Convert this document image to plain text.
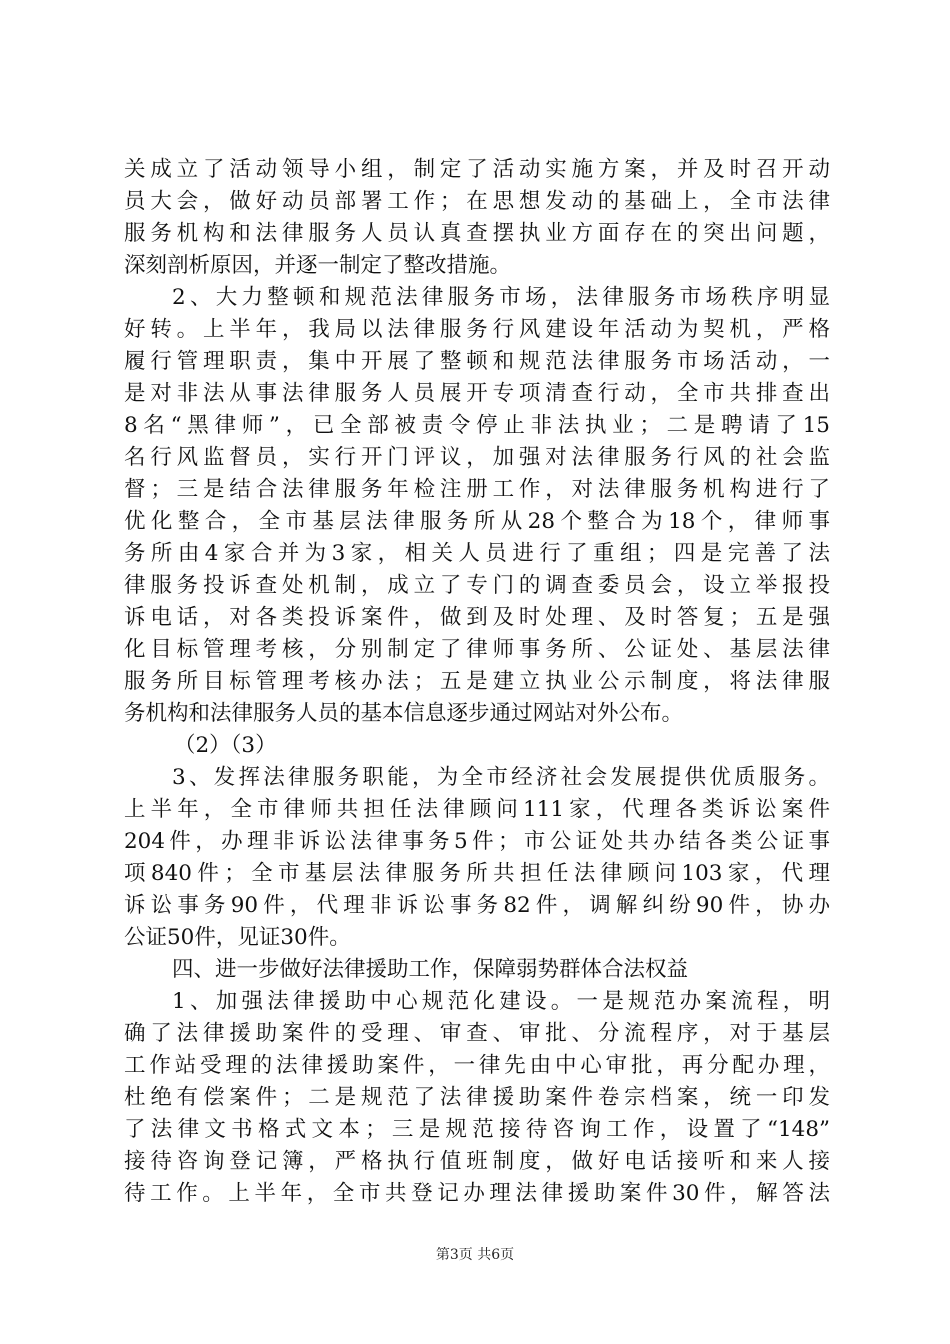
关成立了活动领导小组，制定了活动实施方案，并及时召开动
员大会，做好动员部署工作；在思想发动的基础上，全市法律
服务机构和法律服务人员认真查摆执业方面存在的突出问题，
深刻剖析原因，并逐一制定了整改措施。
2、大力整顿和规范法律服务市场，法律服务市场秩序明显
好转。上半年，我局以法律服务行风建设年活动为契机，严格
履行管理职责，集中开展了整顿和规范法律服务市场活动，一
是对非法从事法律服务人员展开专项清查行动，全市共排查出
8名“黑律师”，已全部被责令停止非法执业；二是聘请了15
名行风监督员，实行开门评议，加强对法律服务行风的社会监
督；三是结合法律服务年检注册工作，对法律服务机构进行了
优化整合，全市基层法律服务所从28个整合为18个，律师事
务所由4家合并为3家，相关人员进行了重组；四是完善了法
律服务投诉查处机制，成立了专门的调查委员会，设立举报投
诉电话，对各类投诉案件，做到及时处理、及时答复；五是强
化目标管理考核，分别制定了律师事务所、公证处、基层法律
服务所目标管理考核办法；五是建立执业公示制度，将法律服
务机构和法律服务人员的基本信息逐步通过网站对外公布。
（2）（3）
3、发挥法律服务职能，为全市经济社会发展提供优质服务。
上半年，全市律师共担任法律顾问111家，代理各类诉讼案件
204件，办理非诉讼法律事务5件；市公证处共办结各类公证事
项840件；全市基层法律服务所共担任法律顾问103家，代理
诉讼事务90件，代理非诉讼事务82件，调解纠纷90件，协办
公证50件，见证30件。
四、进一步做好法律援助工作，保障弱势群体合法权益
1、加强法律援助中心规范化建设。一是规范办案流程，明
确了法律援助案件的受理、审查、审批、分流程序，对于基层
工作站受理的法律援助案件，一律先由中心审批，再分配办理，
杜绝有偿案件；二是规范了法律援助案件卷宗档案，统一印发
了法律文书格式文本；三是规范接待咨询工作，设置了“148”
接待咨询登记簿，严格执行值班制度，做好电话接听和来人接
待工作。上半年，全市共登记办理法律援助案件30件，解答法
第3页 共6页
